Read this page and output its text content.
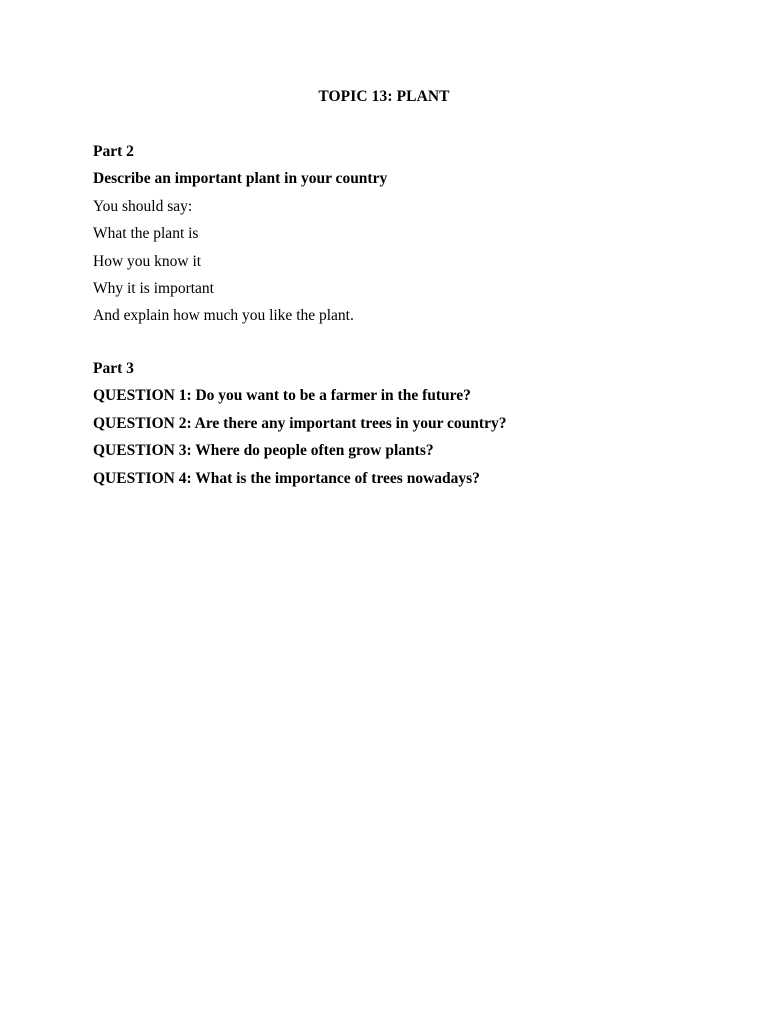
TOPIC 13: PLANT
Part 2
Describe an important plant in your country
You should say:
What the plant is
How you know it
Why it is important
And explain how much you like the plant.
Part 3
QUESTION 1: Do you want to be a farmer in the future?
QUESTION 2: Are there any important trees in your country?
QUESTION 3: Where do people often grow plants?
QUESTION 4: What is the importance of trees nowadays?
